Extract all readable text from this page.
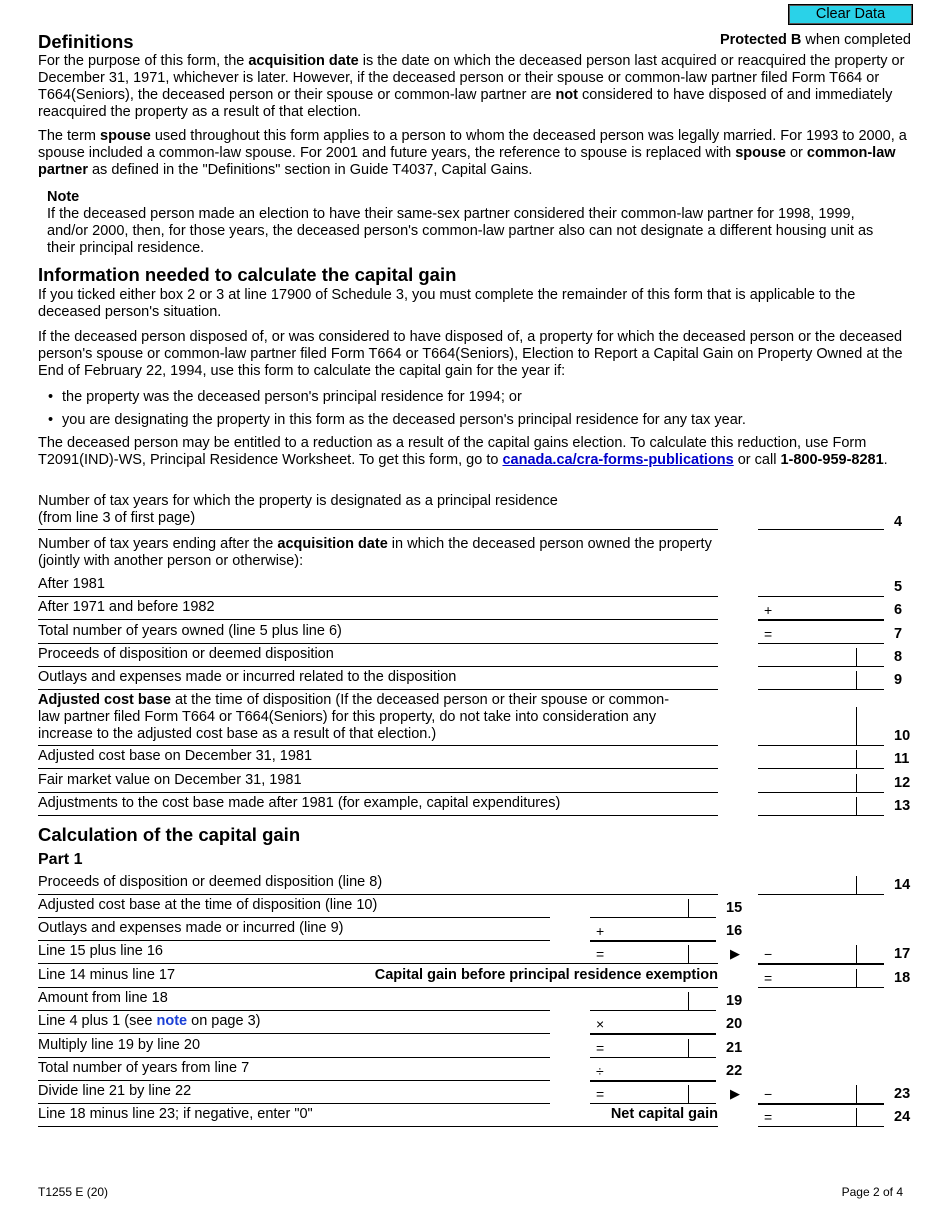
Clear Data
Protected B when completed
Definitions

For the purpose of this form, the acquisition date is the date on which the deceased person last acquired or reacquired the property or December 31, 1971, whichever is later. However, if the deceased person or their spouse or common-law partner filed Form T664 or T664(Seniors), the deceased person or their spouse or common-law partner are not considered to have disposed of and immediately reacquired the property as a result of that election.

The term spouse used throughout this form applies to a person to whom the deceased person was legally married. For 1993 to 2000, a spouse included a common-law spouse. For 2001 and future years, the reference to spouse is replaced with spouse or common-law partner as defined in the "Definitions" section in Guide T4037, Capital Gains.

Note

If the deceased person made an election to have their same-sex partner considered their common-law partner for 1998, 1999, and/or 2000, then, for those years, the deceased person's common-law partner also can not designate a different housing unit as their principal residence.

Information needed to calculate the capital gain

If you ticked either box 2 or 3 at line 17900 of Schedule 3, you must complete the remainder of this form that is applicable to the deceased person's situation.

If the deceased person disposed of, or was considered to have disposed of, a property for which the deceased person or the deceased person's spouse or common-law partner filed Form T664 or T664(Seniors), Election to Report a Capital Gain on Property Owned at the End of February 22, 1994, use this form to calculate the capital gain for the year if:

• the property was the deceased person's principal residence for 1994; or
• you are designating the property in this form as the deceased person's principal residence for any tax year.

The deceased person may be entitled to a reduction as a result of the capital gains election. To calculate this reduction, use Form T2091(IND)-WS, Principal Residence Worksheet. To get this form, go to canada.ca/cra-forms-publications or call 1-800-959-8281.

Number of tax years for which the property is designated as a principal residence
(from line 3 of first page)	4
Number of tax years ending after the acquisition date in which the deceased person owned the property (jointly with another person or otherwise):
After 1981	5
After 1971 and before 1982	+	6
Total number of years owned (line 5 plus line 6)	=	7
Proceeds of disposition or deemed disposition	8
Outlays and expenses made or incurred related to the disposition	9
Adjusted cost base at the time of disposition (If the deceased person or their spouse or common-law partner filed Form T664 or T664(Seniors) for this property, do not take into consideration any increase to the adjusted cost base as a result of that election.)	10
Adjusted cost base on December 31, 1981	11
Fair market value on December 31, 1981	12
Adjustments to the cost base made after 1981 (for example, capital expenditures)	13
Calculation of the capital gain
Part 1
Proceeds of disposition or deemed disposition (line 8)	14
Adjusted cost base at the time of disposition (line 10)	15
Outlays and expenses made or incurred (line 9)	+	16
Line 15 plus line 16	=	▶ −	17
Line 14 minus line 17	Capital gain before principal residence exemption	=	18
Amount from line 18	19
Line 4 plus 1 (see note on page 3)	×	20
Multiply line 19 by line 20	=	21
Total number of years from line 7	÷	22
Divide line 21 by line 22	=	▶ −	23
Line 18 minus line 23; if negative, enter "0"	Net capital gain	=	24
T1255 E (20)	Page 2 of 4
